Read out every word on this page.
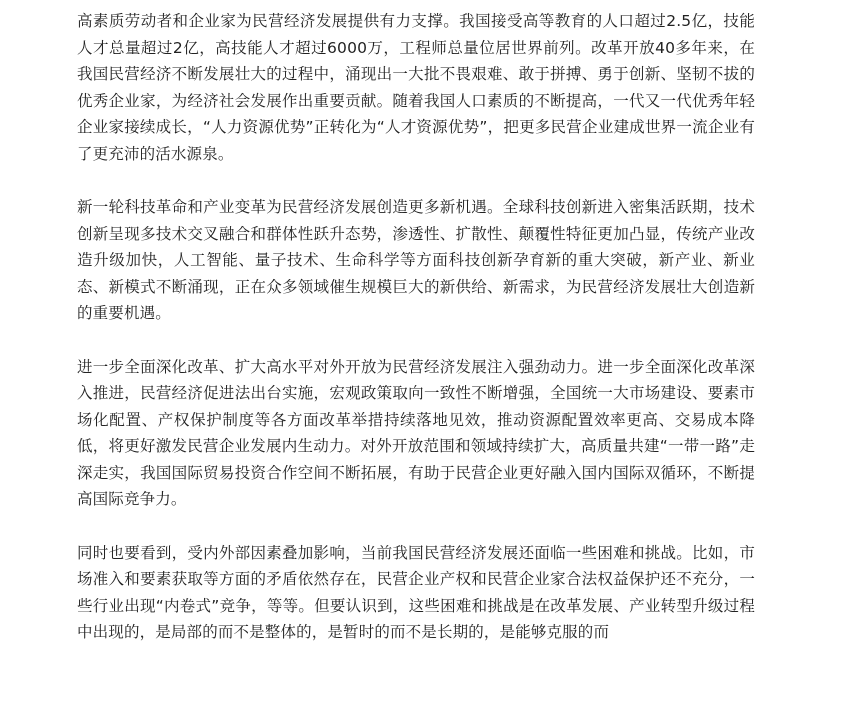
高素质劳动者和企业家为民营经济发展提供有力支撑。我国接受高等教育的人口超过2.5亿，技能人才总量超过2亿，高技能人才超过6000万，工程师总量位居世界前列。改革开放40多年来，在我国民营经济不断发展壮大的过程中，涌现出一大批不畏艰难、敢于拼搏、勇于创新、坚韧不拔的优秀企业家，为经济社会发展作出重要贡献。随着我国人口素质的不断提高，一代又一代优秀年轻企业家接续成长，“人力资源优势”正转化为“人才资源优势”，把更多民营企业建成世界一流企业有了更充沛的活水源泉。

新一轮科技革命和产业变革为民营经济发展创造更多新机遇。全球科技创新进入密集活跃期，技术创新呈现多技术交叉融合和群体性跃升态势，渗透性、扩散性、颠覆性特征更加凸显，传统产业改造升级加快，人工智能、量子技术、生命科学等方面科技创新孕育新的重大突破，新产业、新业态、新模式不断涌现，正在众多领域催生规模巨大的新供给、新需求，为民营经济发展壮大创造新的重要机遇。

进一步全面深化改革、扩大高水平对外开放为民营经济发展注入强劲动力。进一步全面深化改革深入推进，民营经济促进法出台实施，宏观政策取向一致性不断增强，全国统一大市场建设、要素市场化配置、产权保护制度等各方面改革举措持续落地见效，推动资源配置效率更高、交易成本降低，将更好激发民营企业发展内生动力。对外开放范围和领域持续扩大，高质量共建“一带一路”走深走实，我国国际贸易投资合作空间不断拓展，有助于民营企业更好融入国内国际双循环，不断提高国际竞争力。

同时也要看到，受内外部因素叠加影响，当前我国民营经济发展还面临一些困难和挑战。比如，市场准入和要素获取等方面的矛盾依然存在，民营企业产权和民营企业家合法权益保护还不充分，一些行业出现“内卷式”竞争，等等。但要认识到，这些困难和挑战是在改革发展、产业转型升级过程中出现的，是局部的而不是整体的，是暂时的而不是长期的，是能够克服的而
